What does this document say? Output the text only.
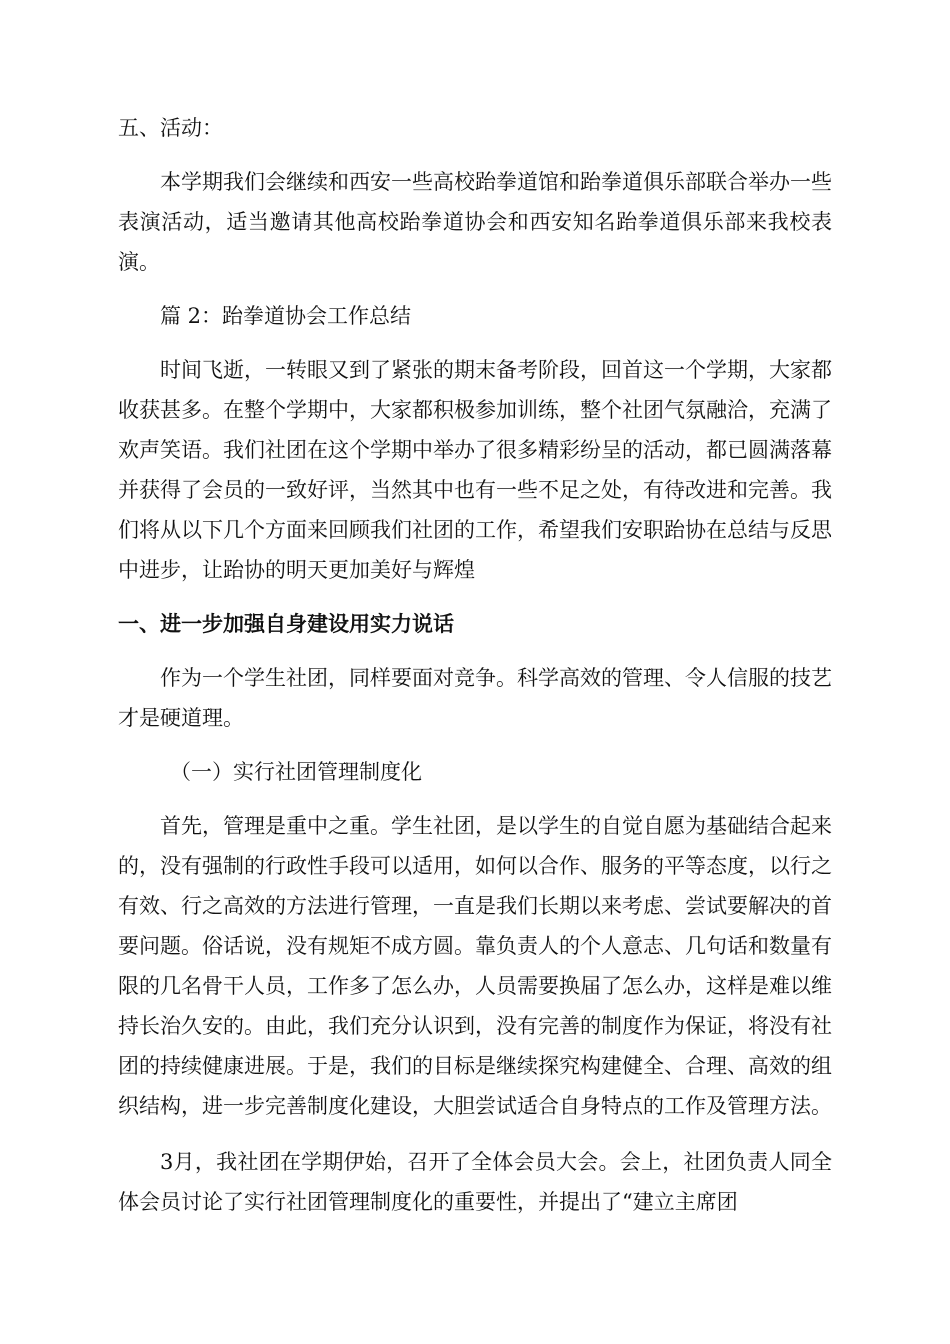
五、活动：

本学期我们会继续和西安一些高校跆拳道馆和跆拳道俱乐部联合举办一些表演活动，适当邀请其他高校跆拳道协会和西安知名跆拳道俱乐部来我校表演。

篇 2：跆拳道协会工作总结

时间飞逝，一转眼又到了紧张的期末备考阶段，回首这一个学期，大家都收获甚多。在整个学期中，大家都积极参加训练，整个社团气氛融洽，充满了欢声笑语。我们社团在这个学期中举办了很多精彩纷呈的活动，都已圆满落幕并获得了会员的一致好评，当然其中也有一些不足之处，有待改进和完善。我们将从以下几个方面来回顾我们社团的工作，希望我们安职跆协在总结与反思中进步，让跆协的明天更加美好与辉煌

一、进一步加强自身建设用实力说话

作为一个学生社团，同样要面对竞争。科学高效的管理、令人信服的技艺才是硬道理。

（一）实行社团管理制度化

首先，管理是重中之重。学生社团，是以学生的自觉自愿为基础结合起来的，没有强制的行政性手段可以适用，如何以合作、服务的平等态度，以行之有效、行之高效的方法进行管理，一直是我们长期以来考虑、尝试要解决的首要问题。俗话说，没有规矩不成方圆。靠负责人的个人意志、几句话和数量有限的几名骨干人员，工作多了怎么办，人员需要换届了怎么办，这样是难以维持长治久安的。由此，我们充分认识到，没有完善的制度作为保证，将没有社团的持续健康进展。于是，我们的目标是继续探究构建健全、合理、高效的组织结构，进一步完善制度化建设，大胆尝试适合自身特点的工作及管理方法。

3月，我社团在学期伊始，召开了全体会员大会。会上，社团负责人同全体会员讨论了实行社团管理制度化的重要性，并提出了“建立主席团
